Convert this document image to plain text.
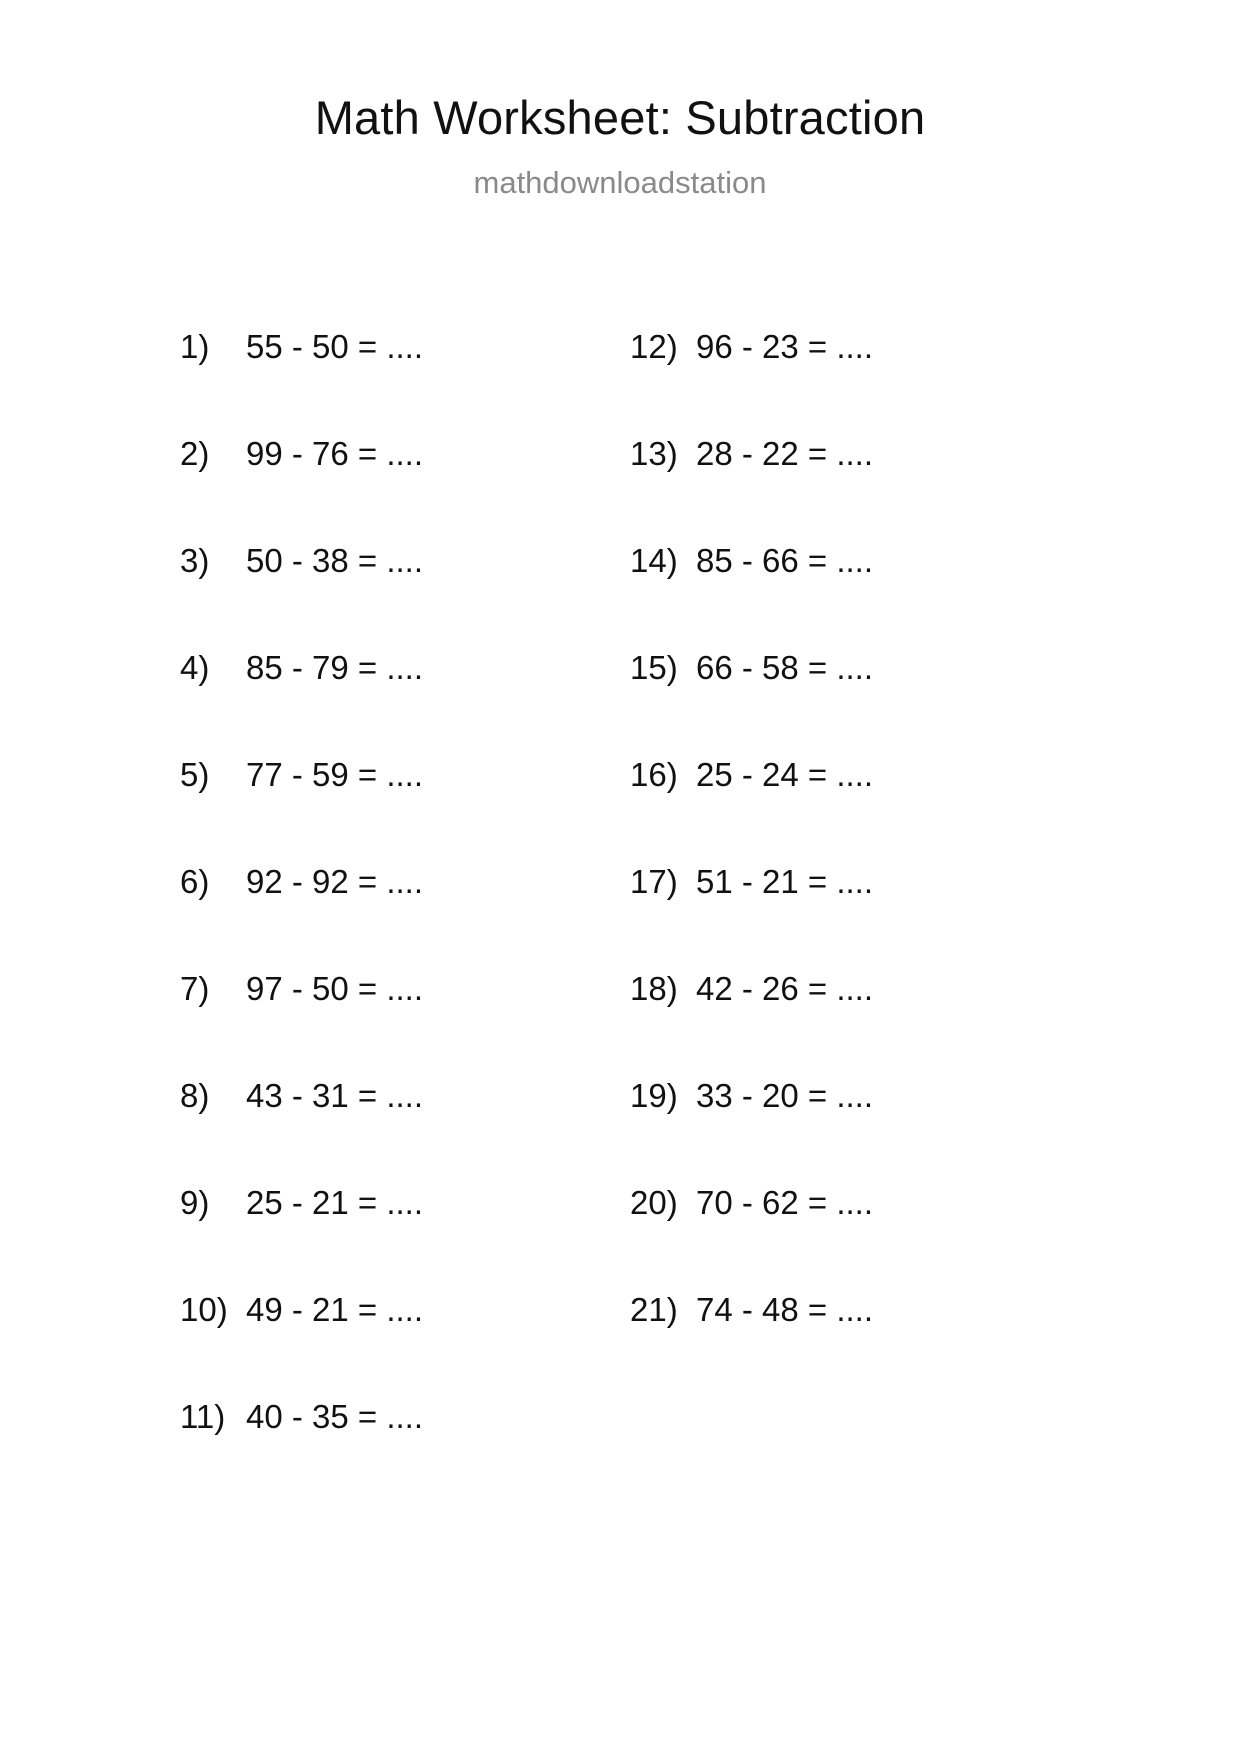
Math Worksheet: Subtraction
mathdownloadstation
1)	55 - 50 = ....
2)	99 - 76 = ....
3)	50 - 38 = ....
4)	85 - 79 = ....
5)	77 - 59 = ....
6)	92 - 92 = ....
7)	97 - 50 = ....
8)	43 - 31 = ....
9)	25 - 21 = ....
10) 49 - 21 = ....
11) 40 - 35 = ....
12) 96 - 23 = ....
13) 28 - 22 = ....
14) 85 - 66 = ....
15) 66 - 58 = ....
16) 25 - 24 = ....
17) 51 - 21 = ....
18) 42 - 26 = ....
19) 33 - 20 = ....
20) 70 - 62 = ....
21) 74 - 48 = ....
